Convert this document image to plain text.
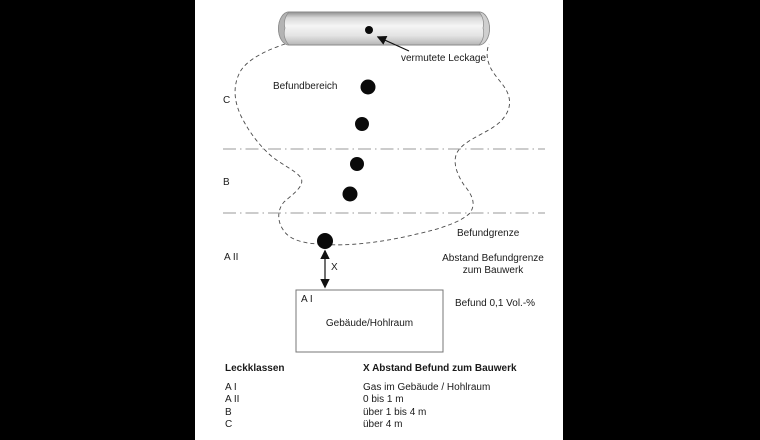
vermutete Leckage
Befundbereich
C
B
Befundgrenze
A II
X
Abstand Befundgrenze
zum Bauwerk
A I
Gebäude/Hohlraum
Befund 0,1 Vol.-%
Leckklassen	X Abstand Befund zum Bauwerk
A I	Gas im Gebäude / Hohlraum
A II	0 bis 1 m
B	über 1 bis 4 m
C	über 4 m
